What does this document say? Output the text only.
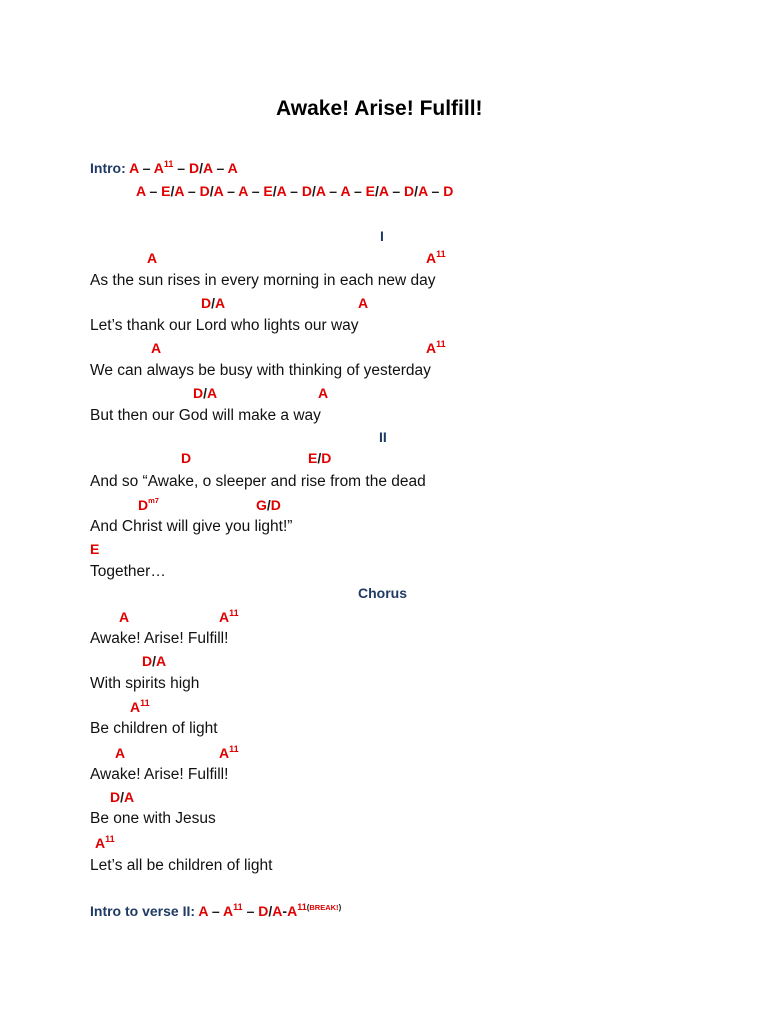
Awake! Arise! Fulfill!
Intro: A – $A^{11} - D/A$ – A
A – E/A – D/A – A – E/A – D/A – A – E/A – D/A – D
I
A	$A^{11}$
As the sun rises in every morning in each new day
D/A	A
Let’s thank our Lord who lights our way
A	$A^{11}$
We can always be busy with thinking of yesterday
D/A	A
But then our God will make a way
II
D	E/D
And so “Awake, o sleeper and rise from the dead
$D^{m7}$	G/D
And Christ will give you light!”
E
Together…
Chorus
A	$A^{11}$
Awake! Arise! Fulfill!
D/A
With spirits high
$A^{11}$
Be children of light
A	$A^{11}$
Awake! Arise! Fulfill!
D/A
Be one with Jesus
$A^{11}$
Let’s all be children of light
Intro to verse II: A – $A^{11} - D/A-A^{11(BREAK!)}$
